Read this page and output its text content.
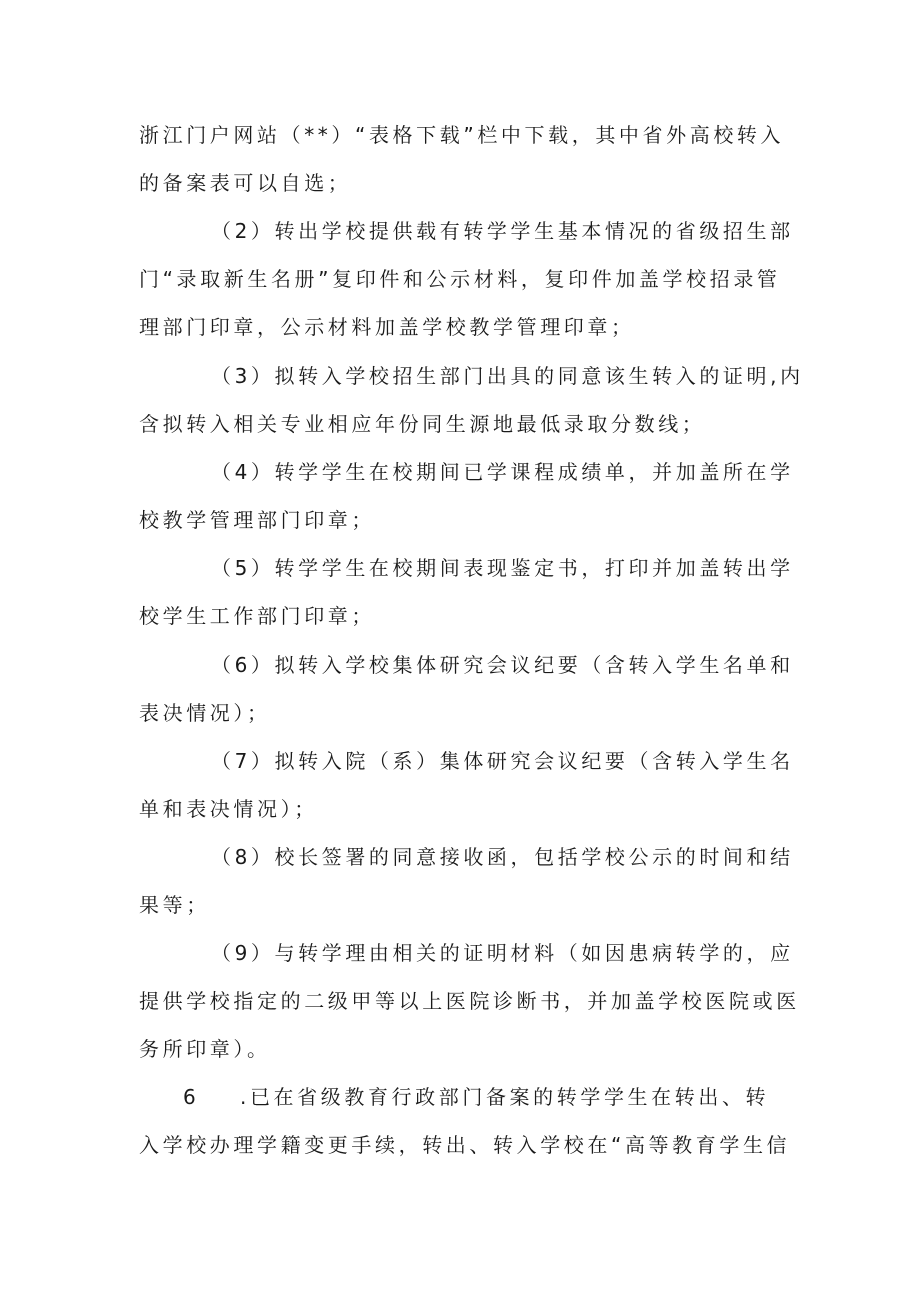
浙江门户网站（**）“表格下载”栏中下载，其中省外高校转入
的备案表可以自选；
（2）转出学校提供载有转学学生基本情况的省级招生部
门“录取新生名册”复印件和公示材料，复印件加盖学校招录管
理部门印章，公示材料加盖学校教学管理印章；
（3）拟转入学校招生部门出具的同意该生转入的证明,内
含拟转入相关专业相应年份同生源地最低录取分数线；
（4）转学学生在校期间已学课程成绩单，并加盖所在学
校教学管理部门印章；
（5）转学学生在校期间表现鉴定书，打印并加盖转出学
校学生工作部门印章；
（6）拟转入学校集体研究会议纪要（含转入学生名单和
表决情况）；
（7）拟转入院（系）集体研究会议纪要（含转入学生名
单和表决情况）；
（8）校长签署的同意接收函，包括学校公示的时间和结
果等；
（9）与转学理由相关的证明材料（如因患病转学的，应
提供学校指定的二级甲等以上医院诊断书，并加盖学校医院或医
务所印章）。
6 .已在省级教育行政部门备案的转学学生在转出、转
入学校办理学籍变更手续，转出、转入学校在“高等教育学生信
